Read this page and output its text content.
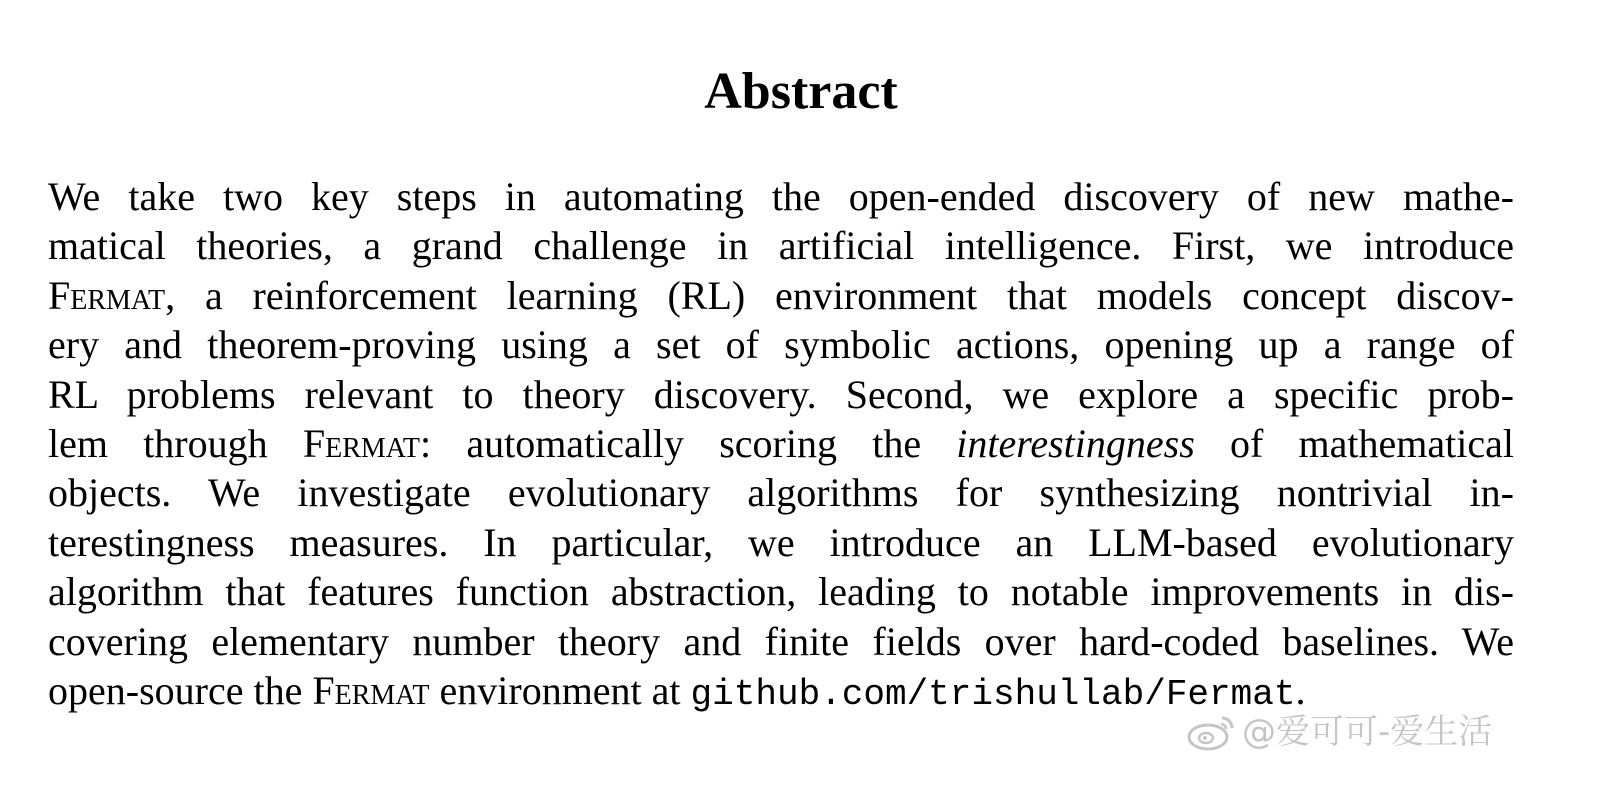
Abstract
We take two key steps in automating the open-ended discovery of new mathe-
matical theories, a grand challenge in artificial intelligence. First, we introduce
Fermat, a reinforcement learning (RL) environment that models concept discov-
ery and theorem-proving using a set of symbolic actions, opening up a range of
RL problems relevant to theory discovery. Second, we explore a specific prob-
lem through Fermat: automatically scoring the interestingness of mathematical
objects. We investigate evolutionary algorithms for synthesizing nontrivial in-
terestingness measures. In particular, we introduce an LLM-based evolutionary
algorithm that features function abstraction, leading to notable improvements in dis-
covering elementary number theory and finite fields over hard-coded baselines. We
open-source the Fermat environment at github.com/trishullab/Fermat.
@爱可可-爱生活
